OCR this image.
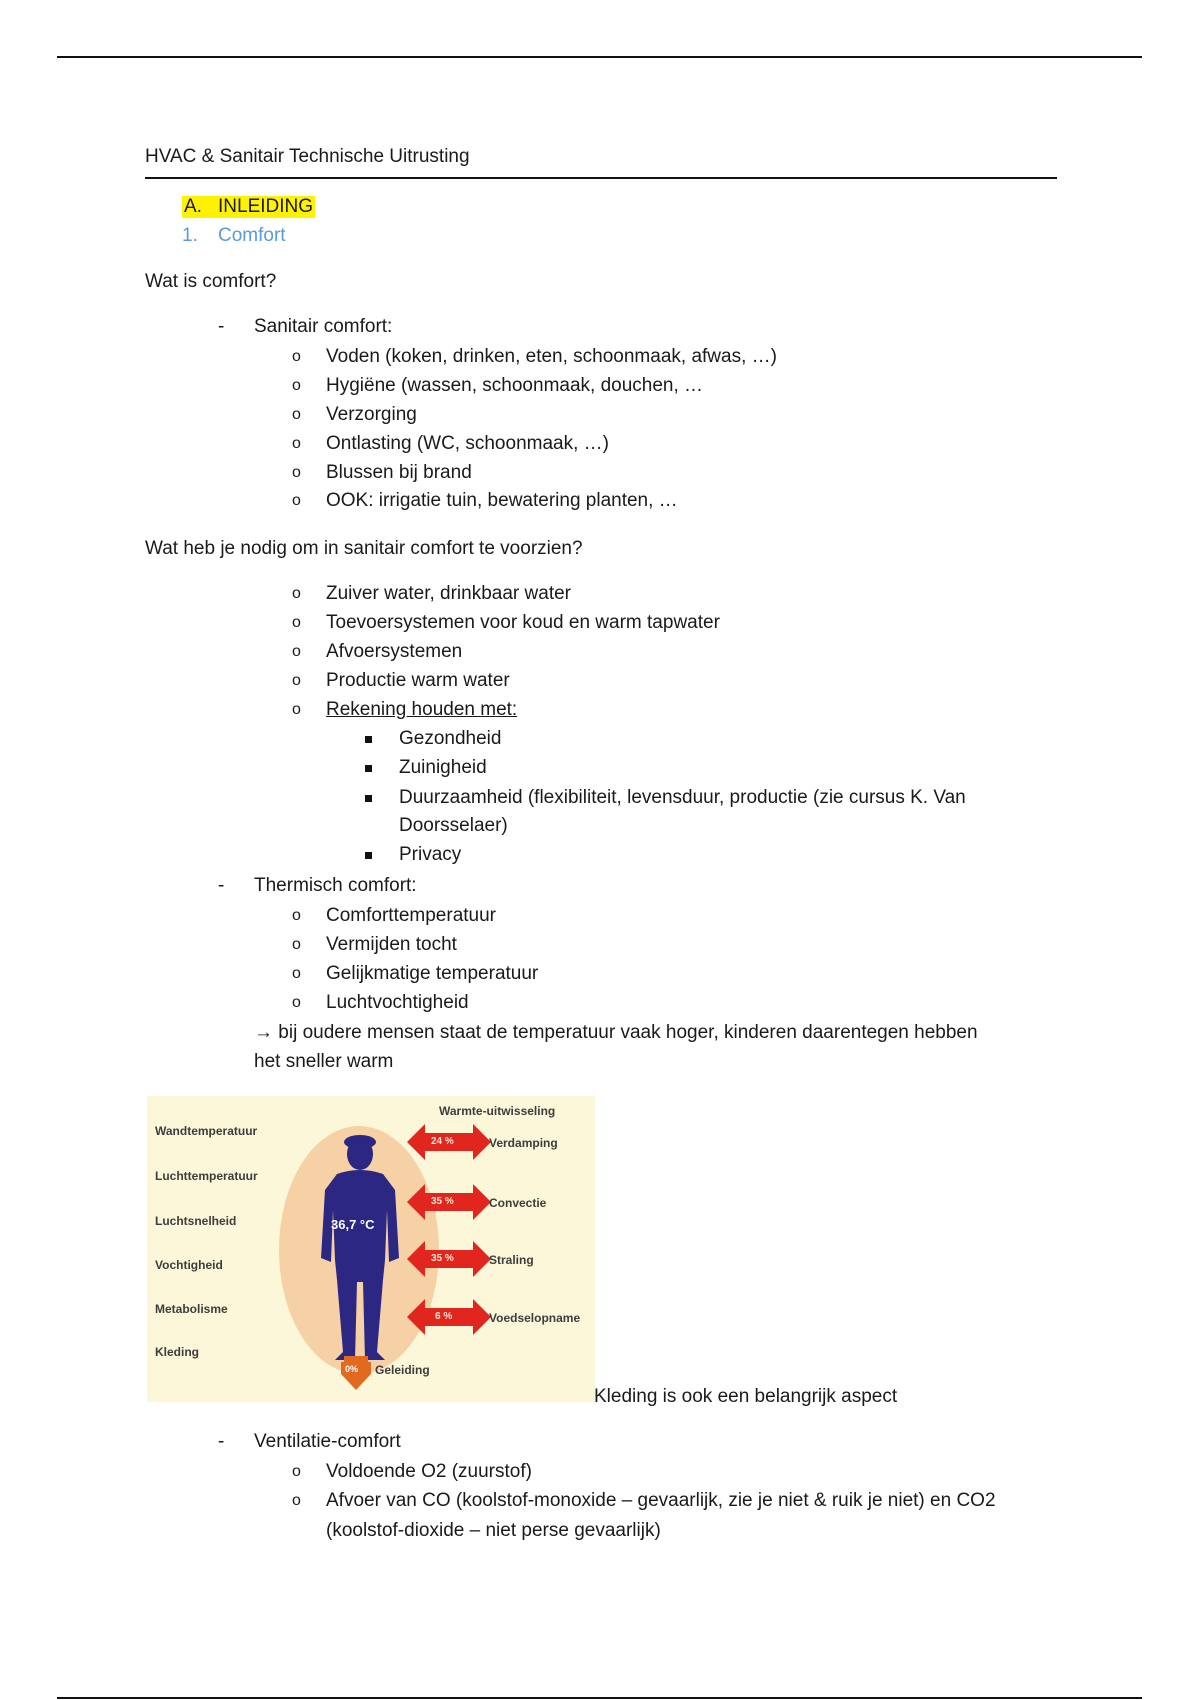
HVAC & Sanitair Technische Uitrusting
A. INLEIDING
1. Comfort
Wat is comfort?
- Sanitair comfort:
o Voden (koken, drinken, eten, schoonmaak, afwas, …)
o Hygiëne (wassen, schoonmaak, douchen, …
o Verzorging
o Ontlasting (WC, schoonmaak, …)
o Blussen bij brand
o OOK: irrigatie tuin, bewatering planten, …
Wat heb je nodig om in sanitair comfort te voorzien?
o Zuiver water, drinkbaar water
o Toevoersystemen voor koud en warm tapwater
o Afvoersystemen
o Productie warm water
o Rekening houden met:
Gezondheid
Zuinigheid
Duurzaamheid (flexibiliteit, levensduur, productie (zie cursus K. Van
Doorsselaer)
Privacy
- Thermisch comfort:
o Comforttemperatuur
o Vermijden tocht
o Gelijkmatige temperatuur
o Luchtvochtigheid
→ bij oudere mensen staat de temperatuur vaak hoger, kinderen daarentegen hebben
het sneller warm
Warmte-uitwisseling
Wandtemperatuur
Luchttemperatuur
Luchtsnelheid
Vochtigheid
Metabolisme
Kleding
36,7 °C
24 %	Verdamping
35 %	Convectie
35 %	Straling
6 %	Voedselopname
0% Geleiding
Kleding is ook een belangrijk aspect
- Ventilatie-comfort
o Voldoende O2 (zuurstof)
o Afvoer van CO (koolstof-monoxide – gevaarlijk, zie je niet & ruik je niet) en CO2
(koolstof-dioxide – niet perse gevaarlijk)
